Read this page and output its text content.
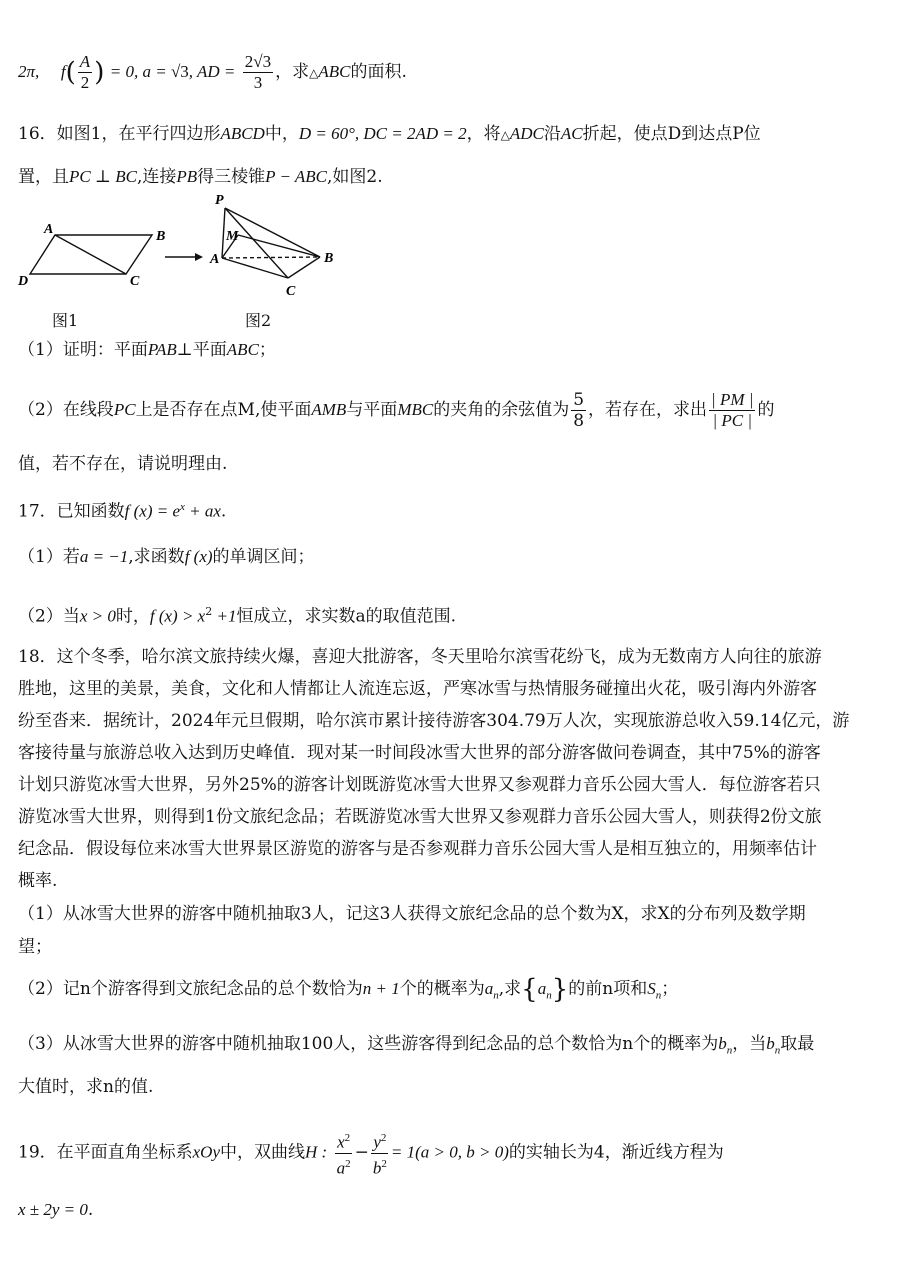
2π, $f( \frac{A}{2}$ ) = 0, a = √3, AD = $\frac{2√3}{3}$ ，求△ABC的面积.
16．如图1，在平行四边形ABCD中，D = 60°, DC = 2AD = 2，将△ADC沿AC折起，使点D到达点P位
置，且PC ⊥ BC,连接PB得三棱锥P − ABC,如图2.
A	B
C
D
P
M
A	B
C
图1	图2
（1）证明：平面PAB⊥平面ABC；
（2）在线段PC上是否存在点M,使平面AMB与平面MBC的夹角的余弦值为 $\frac{5}{8}$ ，若存在，求出 $\frac{| PM |}{| PC |}$ 的
值，若不存在，请说明理由.
17．已知函数f $(x) = e^x$ + ax.
（1）若a = −1,求函数f (x)的单调区间；
（2）当x > 0时，f $(x) > x^2 +1$恒成立，求实数a的取值范围.
18．这个冬季，哈尔滨文旅持续火爆，喜迎大批游客，冬天里哈尔滨雪花纷飞，成为无数南方人向往的旅游
胜地，这里的美景，美食，文化和人情都让人流连忘返，严寒冰雪与热情服务碰撞出火花，吸引海内外游客
纷至沓来．据统计，2024年元旦假期，哈尔滨市累计接待游客304.79万人次，实现旅游总收入59.14亿元，游
客接待量与旅游总收入达到历史峰值．现对某一时间段冰雪大世界的部分游客做问卷调查，其中75%的游客
计划只游览冰雪大世界，另外25%的游客计划既游览冰雪大世界又参观群力音乐公园大雪人．每位游客若只
游览冰雪大世界，则得到1份文旅纪念品；若既游览冰雪大世界又参观群力音乐公园大雪人，则获得2份文旅
纪念品．假设每位来冰雪大世界景区游览的游客与是否参观群力音乐公园大雪人是相互独立的，用频率估计
概率.
（1）从冰雪大世界的游客中随机抽取3人，记这3人获得文旅纪念品的总个数为X，求X的分布列及数学期
望；
（2）记n个游客得到文旅纪念品的总个数恰为n + 1个的概率为$a_n$,求$\{a_n\}$的前n项和$S_n$；
（3）从冰雪大世界的游客中随机抽取100人，这些游客得到纪念品的总个数恰为n个的概率为$b_n$，当$b_n$取最
大值时，求n的值.
19．在平面直角坐标系xOy中，双曲线H : $\frac{x^2}{a^2} - \frac{y^2}{b^2} = 1(a > 0$, b > 0)的实轴长为4，渐近线方程为
x ± 2y = 0.
